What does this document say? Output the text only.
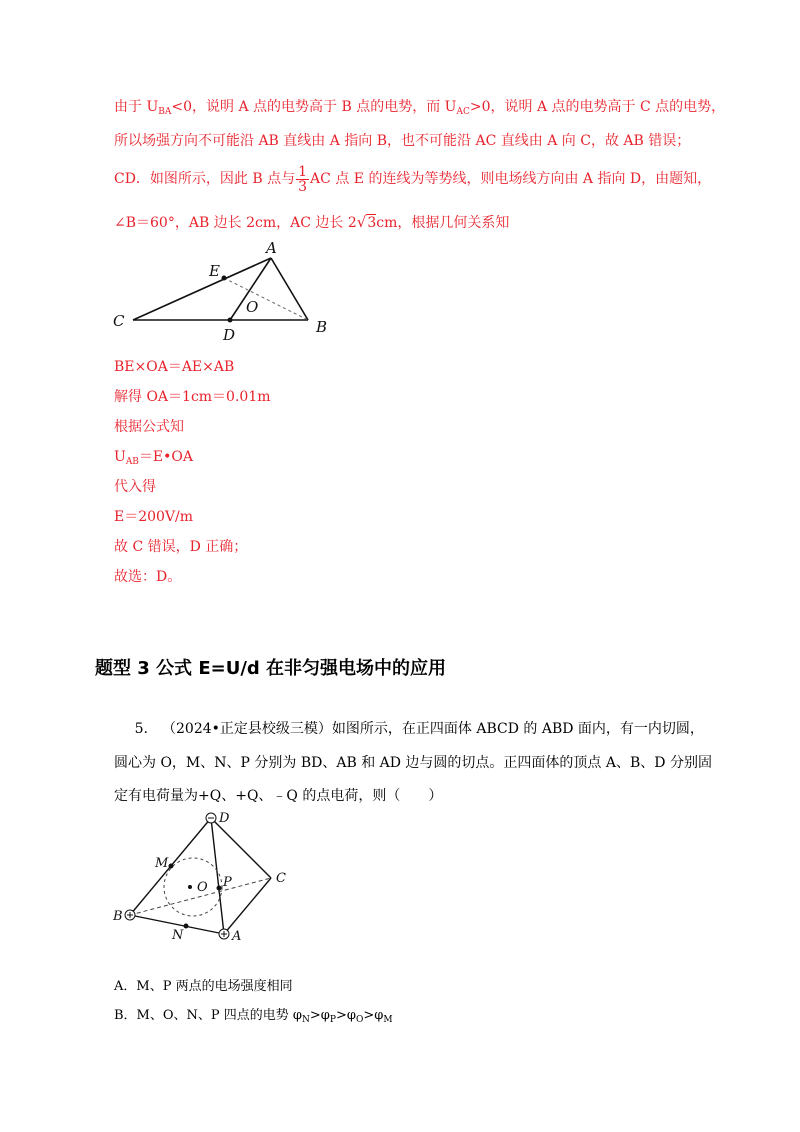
由于 $U_{BA}<0$，说明 A 点的电势高于 B 点的电势，而 $U_{AC}>0$，说明 A 点的电势高于 C 点的电势，

所以场强方向不可能沿 AB 直线由 A 指向 B，也不可能沿 AC 直线由 A 向 C，故 AB 错误；

CD．如图所示，因此 B 点与 $\frac{1}{3}$ AC 点 E 的连线为等势线，则电场线方向由 A 指向 D，由题知，

∠B＝60°，AB 边长 2cm，AC 边长 2√3cm，根据几何关系知

A
B
C
D
E
O

BE×OA＝AE×AB

解得 OA＝1cm＝0.01m

根据公式知

$U_{AB}=E•OA$

代入得

E＝200V/m

故 C 错误，D 正确；

故选：D。

题型 3 公式 E=U/d 在非匀强电场中的应用

5. （2024•正定县校级三模）如图所示，在正四面体 ABCD 的 ABD 面内，有一内切圆，

圆心为 O，M、N、P 分别为 BD、AB 和 AD 边与圆的切点。正四面体的顶点 A、B、D 分别固

定有电荷量为+Q、+Q、﹣Q 的点电荷，则（　　）

D
C
B
A
M
N
P
O

A．M、P 两点的电场强度相同

B．M、O、N、P 四点的电势 $\varphi_N>\varphi_P>\varphi_O>\varphi_M$
